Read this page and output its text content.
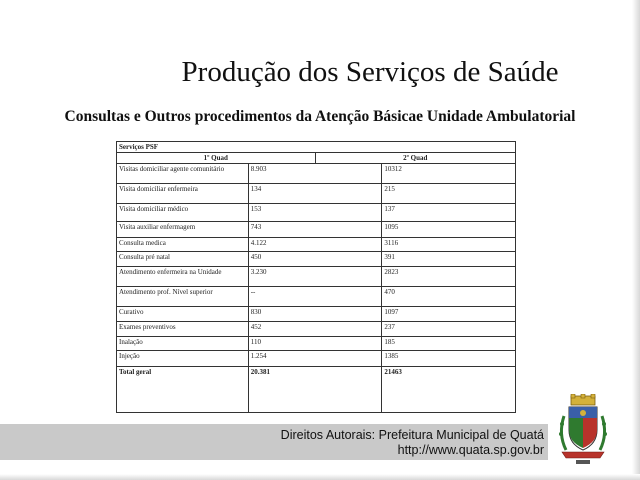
Produção dos Serviços de Saúde
Consultas e Outros procedimentos da Atenção Básicae Unidade Ambulatorial
Serviços PSF			
1º Quad		2º Quad	
Visitas domiciliar agente comunitário	8.903		10312
Visita domiciliar enfermeira	134		215
Visita domiciliar médico	153		137
Visita auxiliar enfermagem	743		1095
Consulta medica	4.122		3116
Consulta pré natal	450		391
Atendimento enfermeira na Unidade	3.230		2823
Atendimento prof. Nível superior	--		470
Curativo	830		1097
Exames preventivos	452		237
Inalação	110		185
Injeção	1.254		1385
Total geral	20.381		21463
Direitos Autorais: Prefeitura Municipal de Quatá
http://www.quata.sp.gov.br
